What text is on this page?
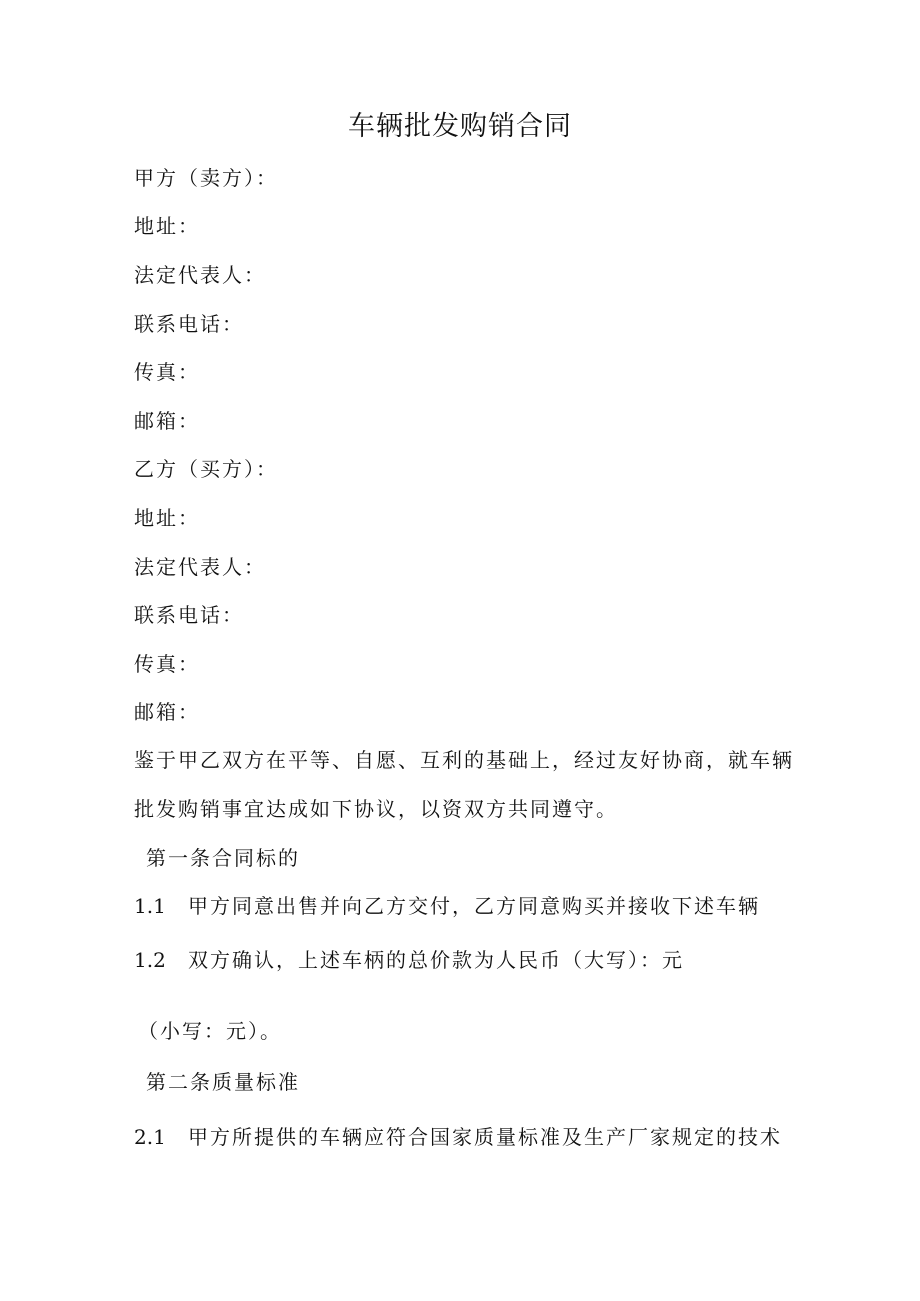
车辆批发购销合同
甲方（卖方）：
地址：
法定代表人：
联系电话：
传真：
邮箱：
乙方（买方）：
地址：
法定代表人：
联系电话：
传真：
邮箱：
鉴于甲乙双方在平等、自愿、互利的基础上，经过友好协商，就车辆
批发购销事宜达成如下协议，以资双方共同遵守。
第一条合同标的
1.1 甲方同意出售并向乙方交付，乙方同意购买并接收下述车辆
1.2 双方确认，上述车柄的总价款为人民币（大写）：元
（小写：元）。
第二条质量标准
2.1 甲方所提供的车辆应符合国家质量标准及生产厂家规定的技术
